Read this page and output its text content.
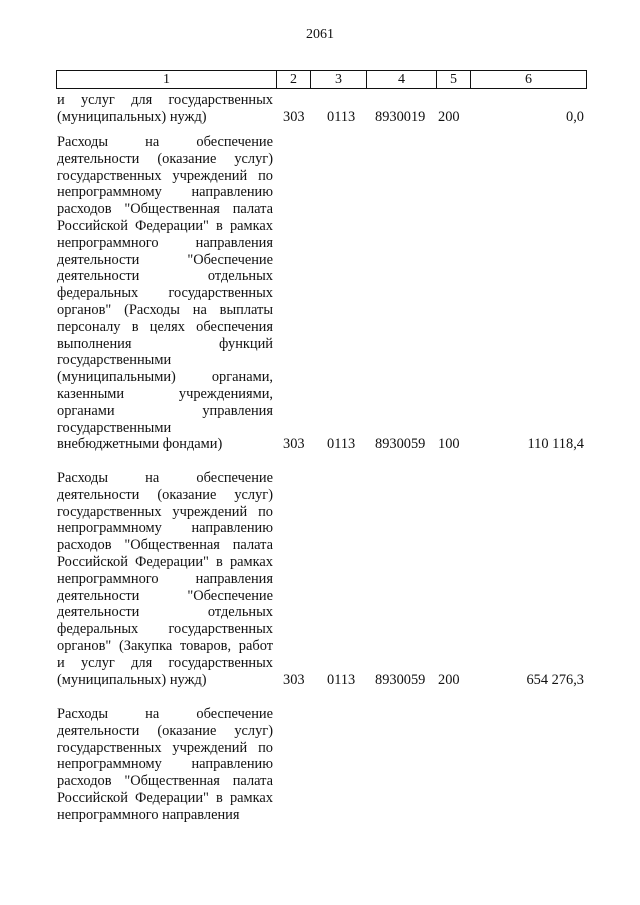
2061
1	2	3	4	5	6
и услуг для государственных
(муниципальных) нужд)	303 0113 8930019 200	0,0
Расходы на обеспечение
деятельности (оказание услуг)
государственных учреждений по
непрограммному направлению
расходов "Общественная палата
Российской Федерации" в рамках
непрограммного направления
деятельности "Обеспечение
деятельности отдельных
федеральных государственных
органов" (Расходы на выплаты
персоналу в целях обеспечения
выполнения функций
государственными
(муниципальными) органами,
казенными учреждениями,
органами управления
государственными
внебюджетными фондами)	303 0113 8930059 100	110 118,4
Расходы на обеспечение
деятельности (оказание услуг)
государственных учреждений по
непрограммному направлению
расходов "Общественная палата
Российской Федерации" в рамках
непрограммного направления
деятельности "Обеспечение
деятельности отдельных
федеральных государственных
органов" (Закупка товаров, работ
и услуг для государственных
(муниципальных) нужд)	303 0113 8930059 200	654 276,3
Расходы на обеспечение
деятельности (оказание услуг)
государственных учреждений по
непрограммному направлению
расходов "Общественная палата
Российской Федерации" в рамках
непрограммного направления
